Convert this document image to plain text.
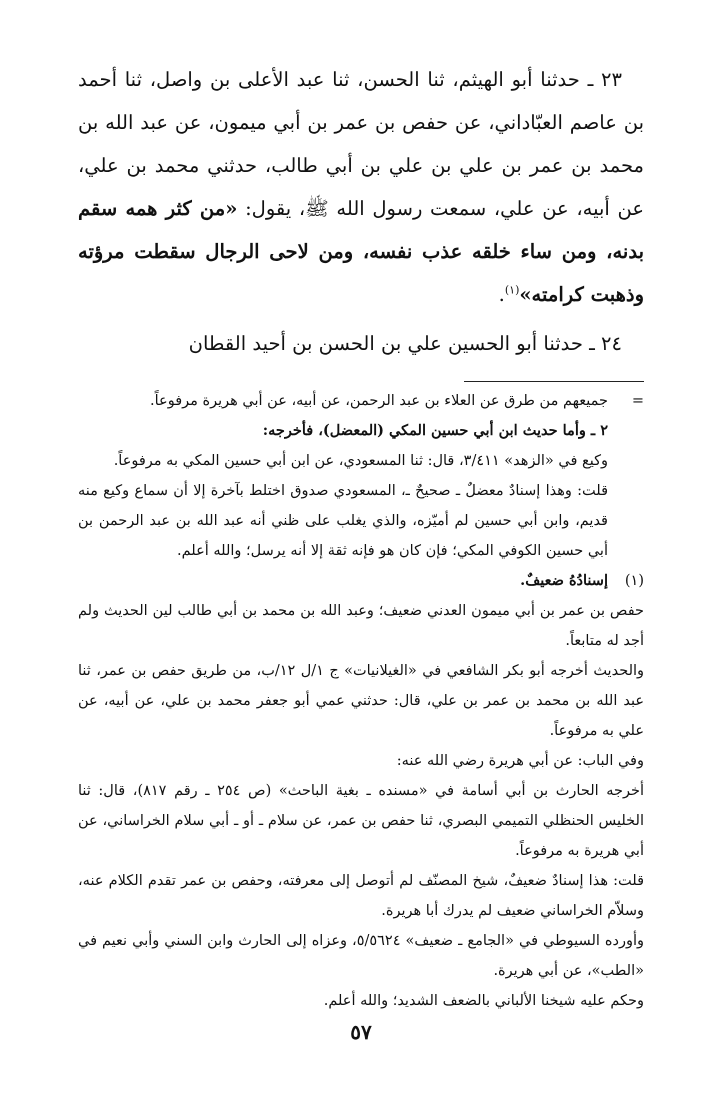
٢٣ ـ حدثنا أبو الهيثم، ثنا الحسن، ثنا عبد الأعلى بن واصل، ثنا أحمد بن عاصم العبّاداني، عن حفص بن عمر بن أبي ميمون، عن عبد الله بن محمد بن عمر بن علي بن علي بن أبي طالب، حدثني محمد بن علي، عن أبيه، عن علي، سمعت رسول الله ﷺ، يقول: «من كثر همه سقم بدنه، ومن ساء خلقه عذب نفسه، ومن لاحى الرجال سقطت مرؤته وذهبت كرامته»$^{(١)}$.

٢٤ ـ حدثنا أبو الحسين علي بن الحسن بن أحيد القطان

=
جميعهم من طرق عن العلاء بن عبد الرحمن، عن أبيه، عن أبي هريرة مرفوعاً.

٢ ـ وأما حديث ابن أبي حسين المكي (المعضل)، فأخرجه:

وكيع في «الزهد» ٣/٤١١، قال: ثنا المسعودي، عن ابن أبي حسين المكي به مرفوعاً.

قلت: وهذا إسنادٌ معضلٌ ـ صحيحٌ ـ، المسعودي صدوق اختلط بآخرة إلا أن سماع وكيع منه قديم، وابن أبي حسين لم أميّزه، والذي يغلب على ظني أنه عبد الله بن عبد الرحمن بن أبي حسين الكوفي المكي؛ فإن كان هو فإنه ثقة إلا أنه يرسل؛ والله أعلم.

(١)
إسنادُهُ ضعيفٌ.

حفص بن عمر بن أبي ميمون العدني ضعيف؛ وعبد الله بن محمد بن أبي طالب لين الحديث ولم أجد له متابعاً.

والحديث أخرجه أبو بكر الشافعي في «الغيلانيات» ج ١/ل ١٢/ب، من طريق حفص بن عمر، ثنا عبد الله بن محمد بن عمر بن علي، قال: حدثني عمي أبو جعفر محمد بن علي، عن أبيه، عن علي به مرفوعاً.

وفي الباب: عن أبي هريرة رضي الله عنه:

أخرجه الحارث بن أبي أسامة في «مسنده ـ بغية الباحث» (ص ٢٥٤ ـ رقم ٨١٧)، قال: ثنا الخليس الحنظلي التميمي البصري، ثنا حفص بن عمر، عن سلام ـ أو ـ أبي سلام الخراساني، عن أبي هريرة به مرفوعاً.

قلت: هذا إسنادٌ ضعيفٌ، شيخ المصنّف لم أتوصل إلى معرفته، وحفص بن عمر تقدم الكلام عنه، وسلاّم الخراساني ضعيف لم يدرك أبا هريرة.

وأورده السيوطي في «الجامع ـ ضعيف» ٥/٥٦٢٤، وعزاه إلى الحارث وابن السني وأبي نعيم في «الطب»، عن أبي هريرة.

وحكم عليه شيخنا الألباني بالضعف الشديد؛ والله أعلم.

٥٧
